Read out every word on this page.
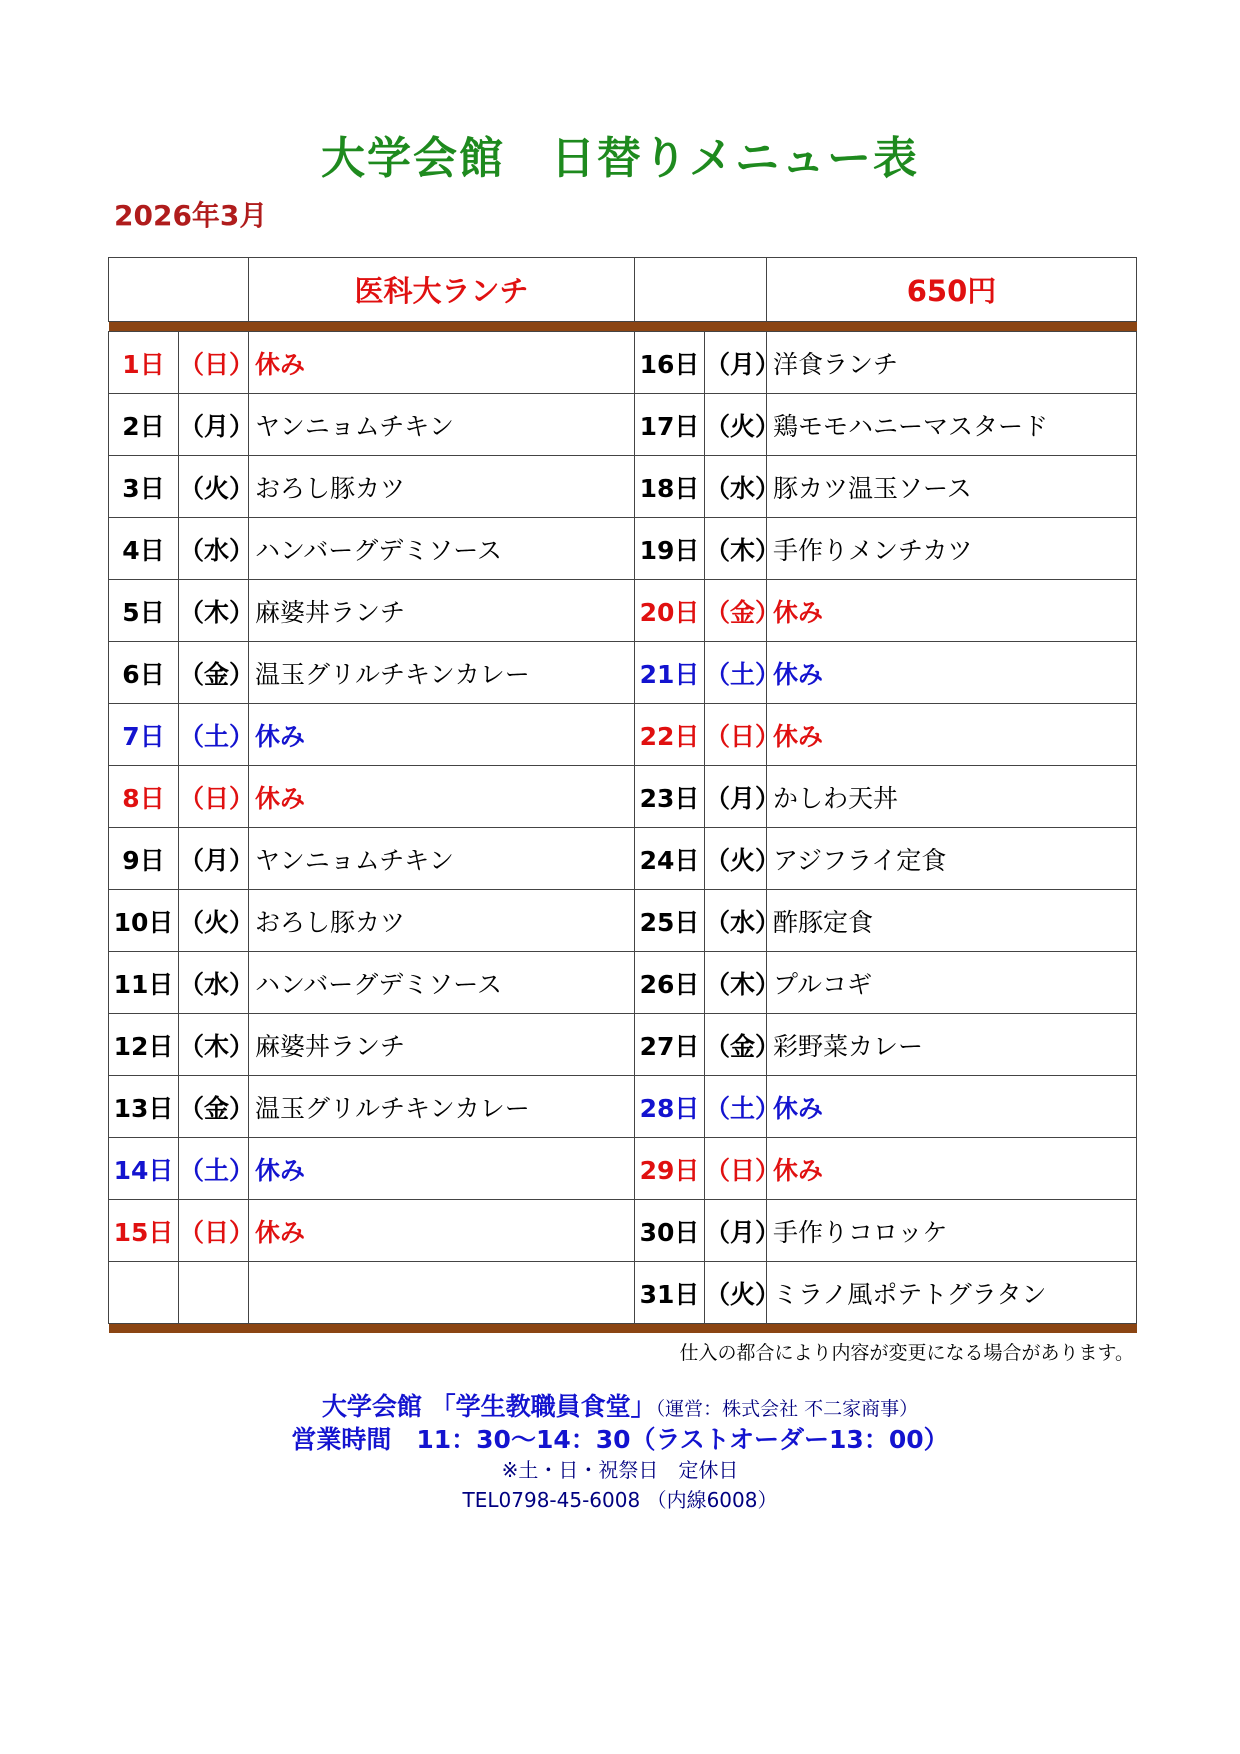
大学会館　日替りメニュー表

2026年3月

		医科大ランチ			650円

1日	（日）	休み	16日	（月）	洋食ランチ
2日	（月）	ヤンニョムチキン	17日	（火）	鶏モモハニーマスタード
3日	（火）	おろし豚カツ	18日	（水）	豚カツ温玉ソース
4日	（水）	ハンバーグデミソース	19日	（木）	手作りメンチカツ
5日	（木）	麻婆丼ランチ	20日	（金）	休み
6日	（金）	温玉グリルチキンカレー	21日	（土）	休み
7日	（土）	休み	22日	（日）	休み
8日	（日）	休み	23日	（月）	かしわ天丼
9日	（月）	ヤンニョムチキン	24日	（火）	アジフライ定食
10日	（火）	おろし豚カツ	25日	（水）	酢豚定食
11日	（水）	ハンバーグデミソース	26日	（木）	プルコギ
12日	（木）	麻婆丼ランチ	27日	（金）	彩野菜カレー
13日	（金）	温玉グリルチキンカレー	28日	（土）	休み
14日	（土）	休み	29日	（日）	休み
15日	（日）	休み	30日	（月）	手作りコロッケ
			31日	（火）	ミラノ風ポテトグラタン

仕入の都合により内容が変更になる場合があります。

大学会館 「学生教職員食堂」（運営：株式会社 不二家商事）

営業時間　11：30～14：30（ラストオーダー13：00）

※土・日・祝祭日　定休日

TEL0798-45-6008 （内線6008）
